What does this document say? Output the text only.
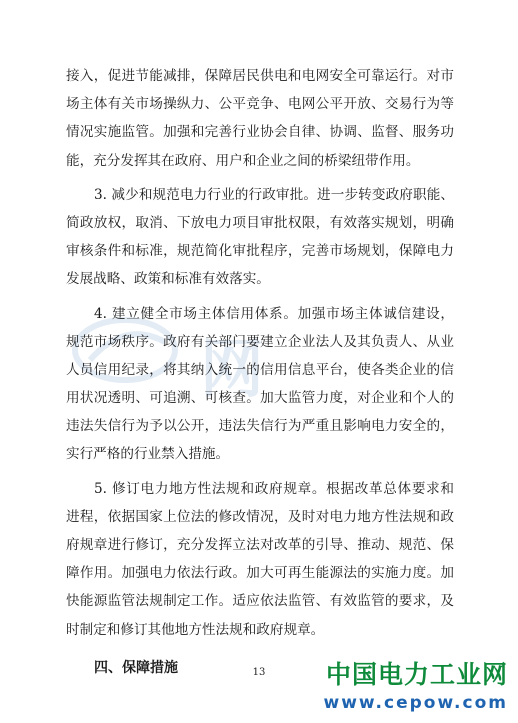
网
接入，促进节能减排，保障居民供电和电网安全可靠运行。对市
场主体有关市场操纵力、公平竞争、电网公平开放、交易行为等
情况实施监管。加强和完善行业协会自律、协调、监督、服务功
能，充分发挥其在政府、用户和企业之间的桥梁纽带作用。
3. 减少和规范电力行业的行政审批。进一步转变政府职能、
简政放权，取消、下放电力项目审批权限，有效落实规划，明确
审核条件和标准，规范简化审批程序，完善市场规划，保障电力
发展战略、政策和标准有效落实。
4. 建立健全市场主体信用体系。加强市场主体诚信建设，
规范市场秩序。政府有关部门要建立企业法人及其负责人、从业
人员信用纪录，将其纳入统一的信用信息平台，使各类企业的信
用状况透明、可追溯、可核查。加大监管力度，对企业和个人的
违法失信行为予以公开，违法失信行为严重且影响电力安全的，
实行严格的行业禁入措施。
5. 修订电力地方性法规和政府规章。根据改革总体要求和
进程，依据国家上位法的修改情况，及时对电力地方性法规和政
府规章进行修订，充分发挥立法对改革的引导、推动、规范、保
障作用。加强电力依法行政。加大可再生能源法的实施力度。加
快能源监管法规制定工作。适应依法监管、有效监管的要求，及
时制定和修订其他地方性法规和政府规章。
四、保障措施	13	中国电力工业网
www.cepow.com
